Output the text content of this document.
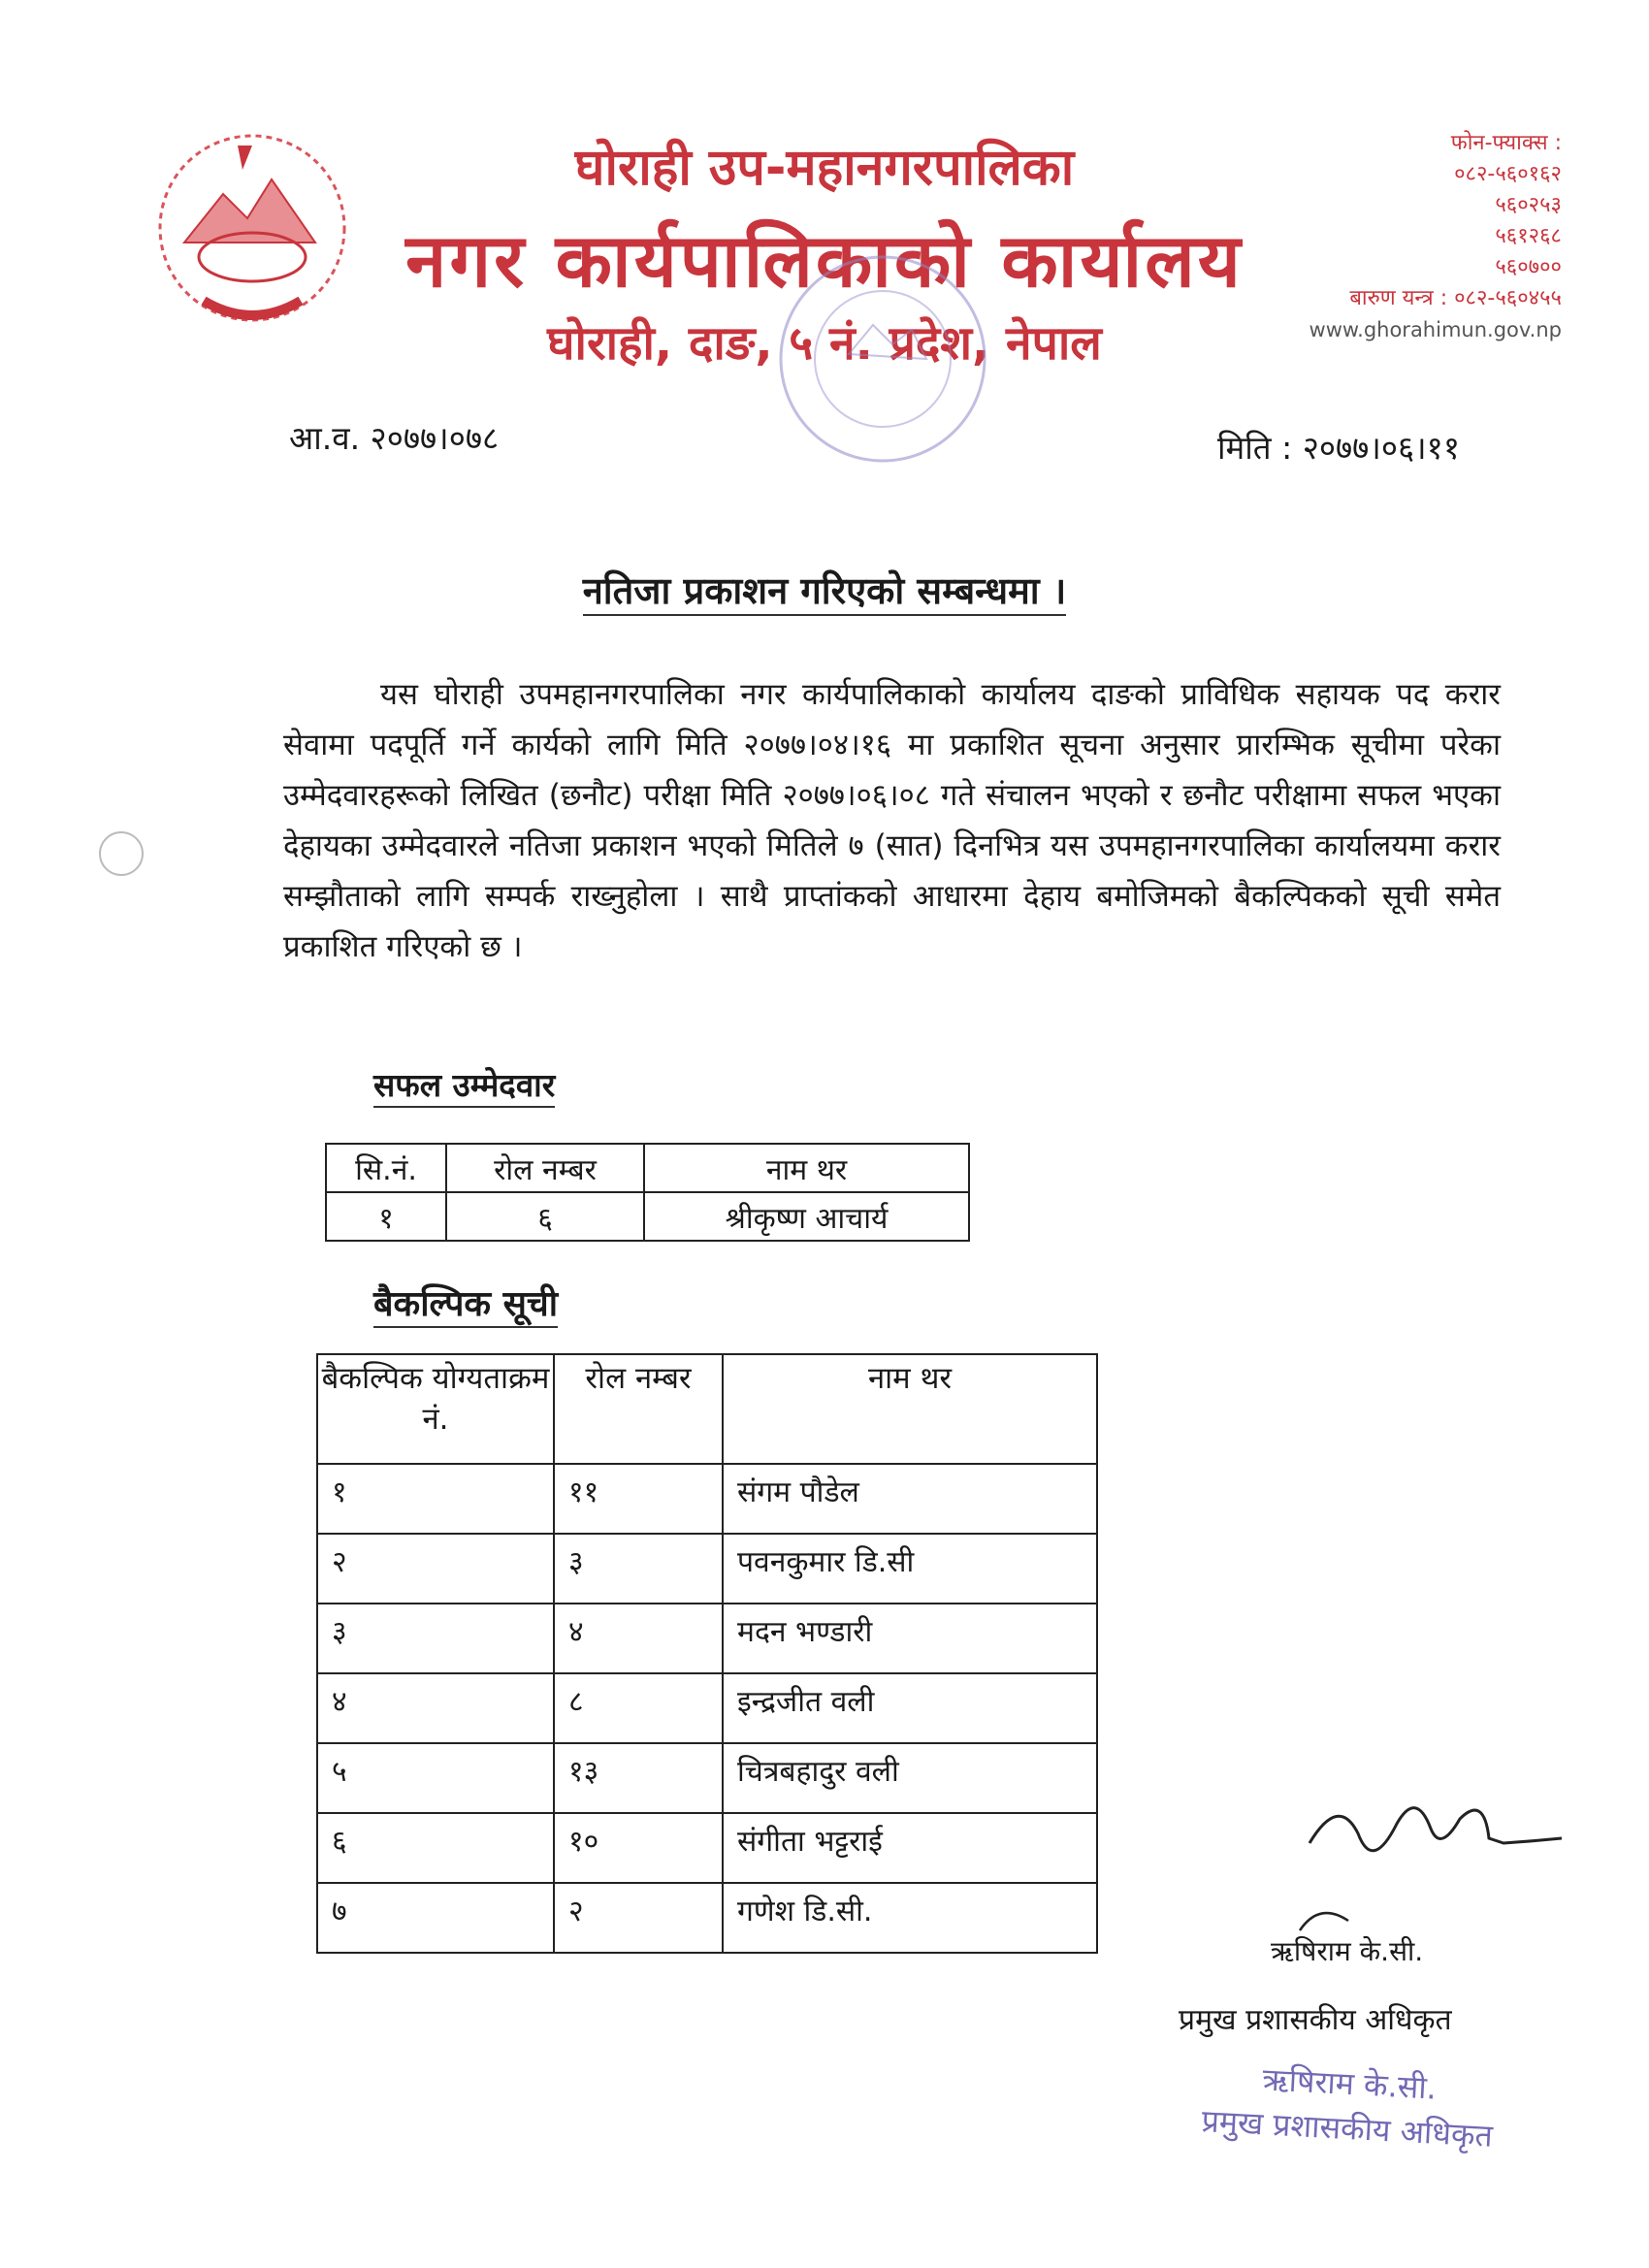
घोराही उप-महानगरपालिका
नगर कार्यपालिकाको कार्यालय
घोराही, दाङ, ५ नं. प्रदेश, नेपाल
फोन-फ्याक्स :
०८२-५६०१६२
५६०२५३
५६१२६८
५६०७००
बारुण यन्त्र : ०८२-५६०४५५
www.ghorahimun.gov.np
आ.व. २०७७।०७८	मिति : २०७७।०६।११
नतिजा प्रकाशन गरिएको सम्बन्धमा ।
यस घोराही उपमहानगरपालिका नगर कार्यपालिकाको कार्यालय दाङको प्राविधिक सहायक पद करार सेवामा पदपूर्ति गर्ने कार्यको लागि मिति २०७७।०४।१६ मा प्रकाशित सूचना अनुसार प्रारम्भिक सूचीमा परेका उम्मेदवारहरूको लिखित (छनौट) परीक्षा मिति २०७७।०६।०८ गते संचालन भएको र छनौट परीक्षामा सफल भएका देहायका उम्मेदवारले नतिजा प्रकाशन भएको मितिले ७ (सात) दिनभित्र यस उपमहानगरपालिका कार्यालयमा करार सम्झौताको लागि सम्पर्क राख्नुहोला । साथै प्राप्तांकको आधारमा देहाय बमोजिमको बैकल्पिकको सूची समेत प्रकाशित गरिएको छ ।
सफल उम्मेदवार
सि.नं.	रोल नम्बर	नाम थर
१	६	श्रीकृष्ण आचार्य
बैकल्पिक सूची
बैकल्पिक योग्यताक्रम नं.	रोल नम्बर	नाम थर
१	११	संगम पौडेल
२	३	पवनकुमार डि.सी
३	४	मदन भण्डारी
४	८	इन्द्रजीत वली
५	१३	चित्रबहादुर वली
६	१०	संगीता भट्टराई
७	२	गणेश डि.सी.
ऋषिराम के.सी.
प्रमुख प्रशासकीय अधिकृत
ऋषिराम के.सी.
प्रमुख प्रशासकीय अधिकृत
